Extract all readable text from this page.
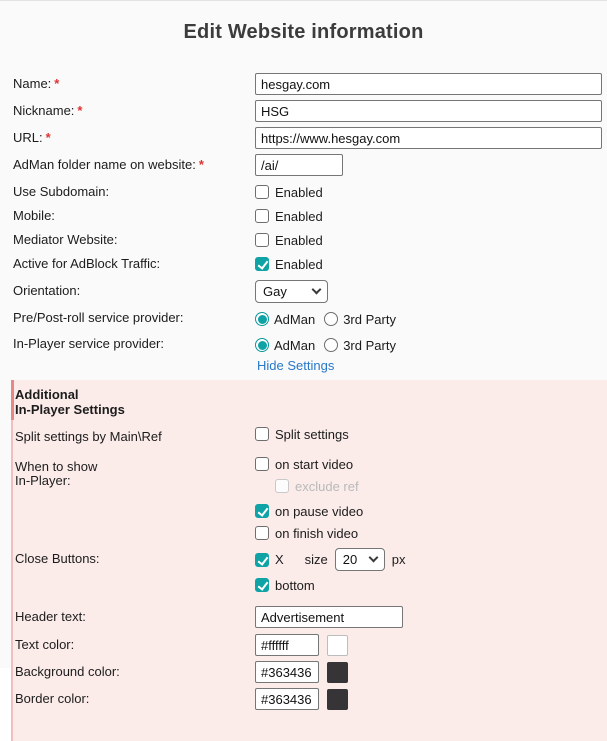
Edit Website information
Name: *
hesgay.com
Nickname: *
HSG
URL: *
https://www.hesgay.com
AdMan folder name on website: *
/ai/
Use Subdomain:	Enabled
Mobile:	Enabled
Mediator Website:	Enabled
Active for AdBlock Traffic:	Enabled
Orientation:	Gay
Pre/Post-roll service provider:	AdMan 3rd Party
In-Player service provider:	AdMan 3rd Party
Hide Settings
Additional
In-Player Settings
Split settings by Main\Ref	Split settings
When to show
In-Player:
on start video
exclude ref
on pause video
on finish video
Close Buttons:	X size 20	px
bottom
Header text:
Advertisement
Text color:
#ffffff
Background color:
#363436
Border color:
#363436
